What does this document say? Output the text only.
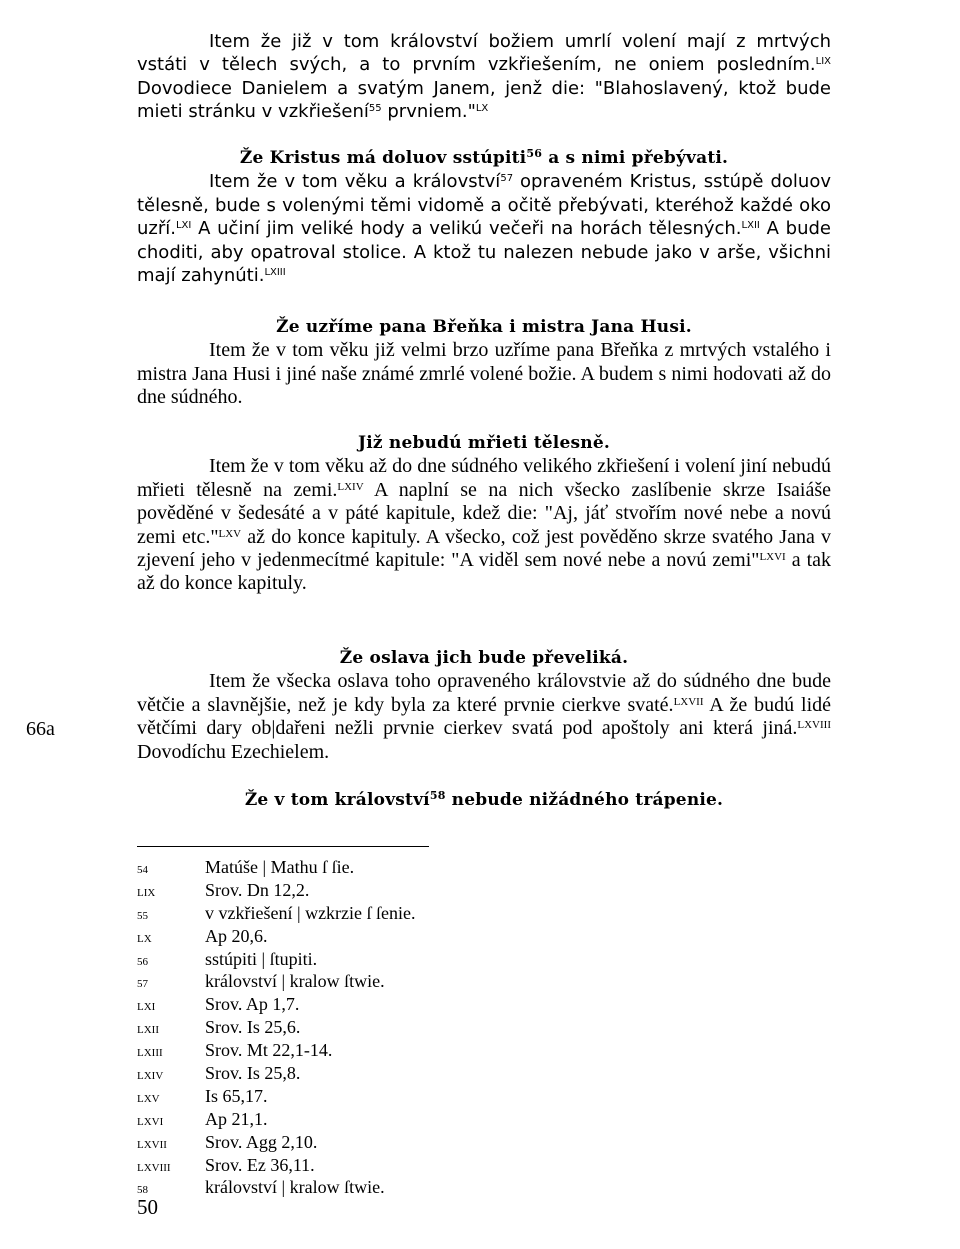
Item že již v tom království božiem umrlí volení mají z mrtvých vstáti v tělech svých, a to prvním vzkřiešením, ne oniem posledním.$^{LIX}$ Dovodiece Danielem a svatým Janem, jenž die: "Blahoslavený, ktož bude mieti stránku v vzkřiešení$^{55}$ prvniem."$^{LX}$

Že Kristus má doluov sstúpiti$^{56}$ a s nimi přebývati.

Item že v tom věku a království$^{57}$ opraveném Kristus, sstúpě doluov tělesně, bude s volenými těmi vidomě a očitě přebývati, kteréhož každé oko uzří.$^{LXI}$ A učiní jim veliké hody a velikú večeři na horách tělesných.$^{LXII}$ A bude choditi, aby opatroval stolice. A ktož tu nalezen nebude jako v arše, všichni mají zahynúti.$^{LXIII}$

Že uzříme pana Břeňka i mistra Jana Husi.

Item že v tom věku již velmi brzo uzříme pana Břeňka z mrtvých vstalého i mistra Jana Husi i jiné naše známé zmrlé volené božie. A budem s nimi hodovati až do dne súdného.

Již nebudú mřieti tělesně.

Item že v tom věku až do dne súdného velikého zkřiešení i volení jiní nebudú mřieti tělesně na zemi.$^{LXIV}$ A naplní se na nich všecko zaslíbenie skrze Isaiáše pověděné v šedesáté a v páté kapitule, kdež die: "Aj, jáť stvořím nové nebe a novú zemi etc."$^{LXV}$ až do konce kapituly. A všecko, což jest pověděno skrze svatého Jana v zjevení jeho v jedenmecítmé kapitule: "A viděl sem nové nebe a novú zemi"$^{LXVI}$ a tak až do konce kapituly.

Že oslava jich bude převeliká.

Item že všecka oslava toho opraveného královstvie až do súdného dne bude větčie a slavnějšie, než je kdy byla za které prvnie cierkve svaté.$^{LXVII}$ A že budú lidé větčími dary ob|dařeni nežli prvnie cierkev svatá pod apoštoly ani která jiná.$^{LXVIII}$ Dovodíchu Ezechielem.

Že v tom království$^{58}$ nebude nižádného trápenie.

66a
54	Matúše | Mathu ſ ſie.
LIX	Srov. Dn 12,2.
55	v vzkřiešení | wzkrzie ſ ſenie.
LX	Ap 20,6.
56	sstúpiti | ſtupiti.
57	království | kralow ſtwie.
LXI	Srov. Ap 1,7.
LXII	Srov. Is 25,6.
LXIII	Srov. Mt 22,1-14.
LXIV	Srov. Is 25,8.
LXV	Is 65,17.
LXVI	Ap 21,1.
LXVII	Srov. Agg 2,10.
LXVIII	Srov. Ez 36,11.
58	království | kralow ſtwie.
50
